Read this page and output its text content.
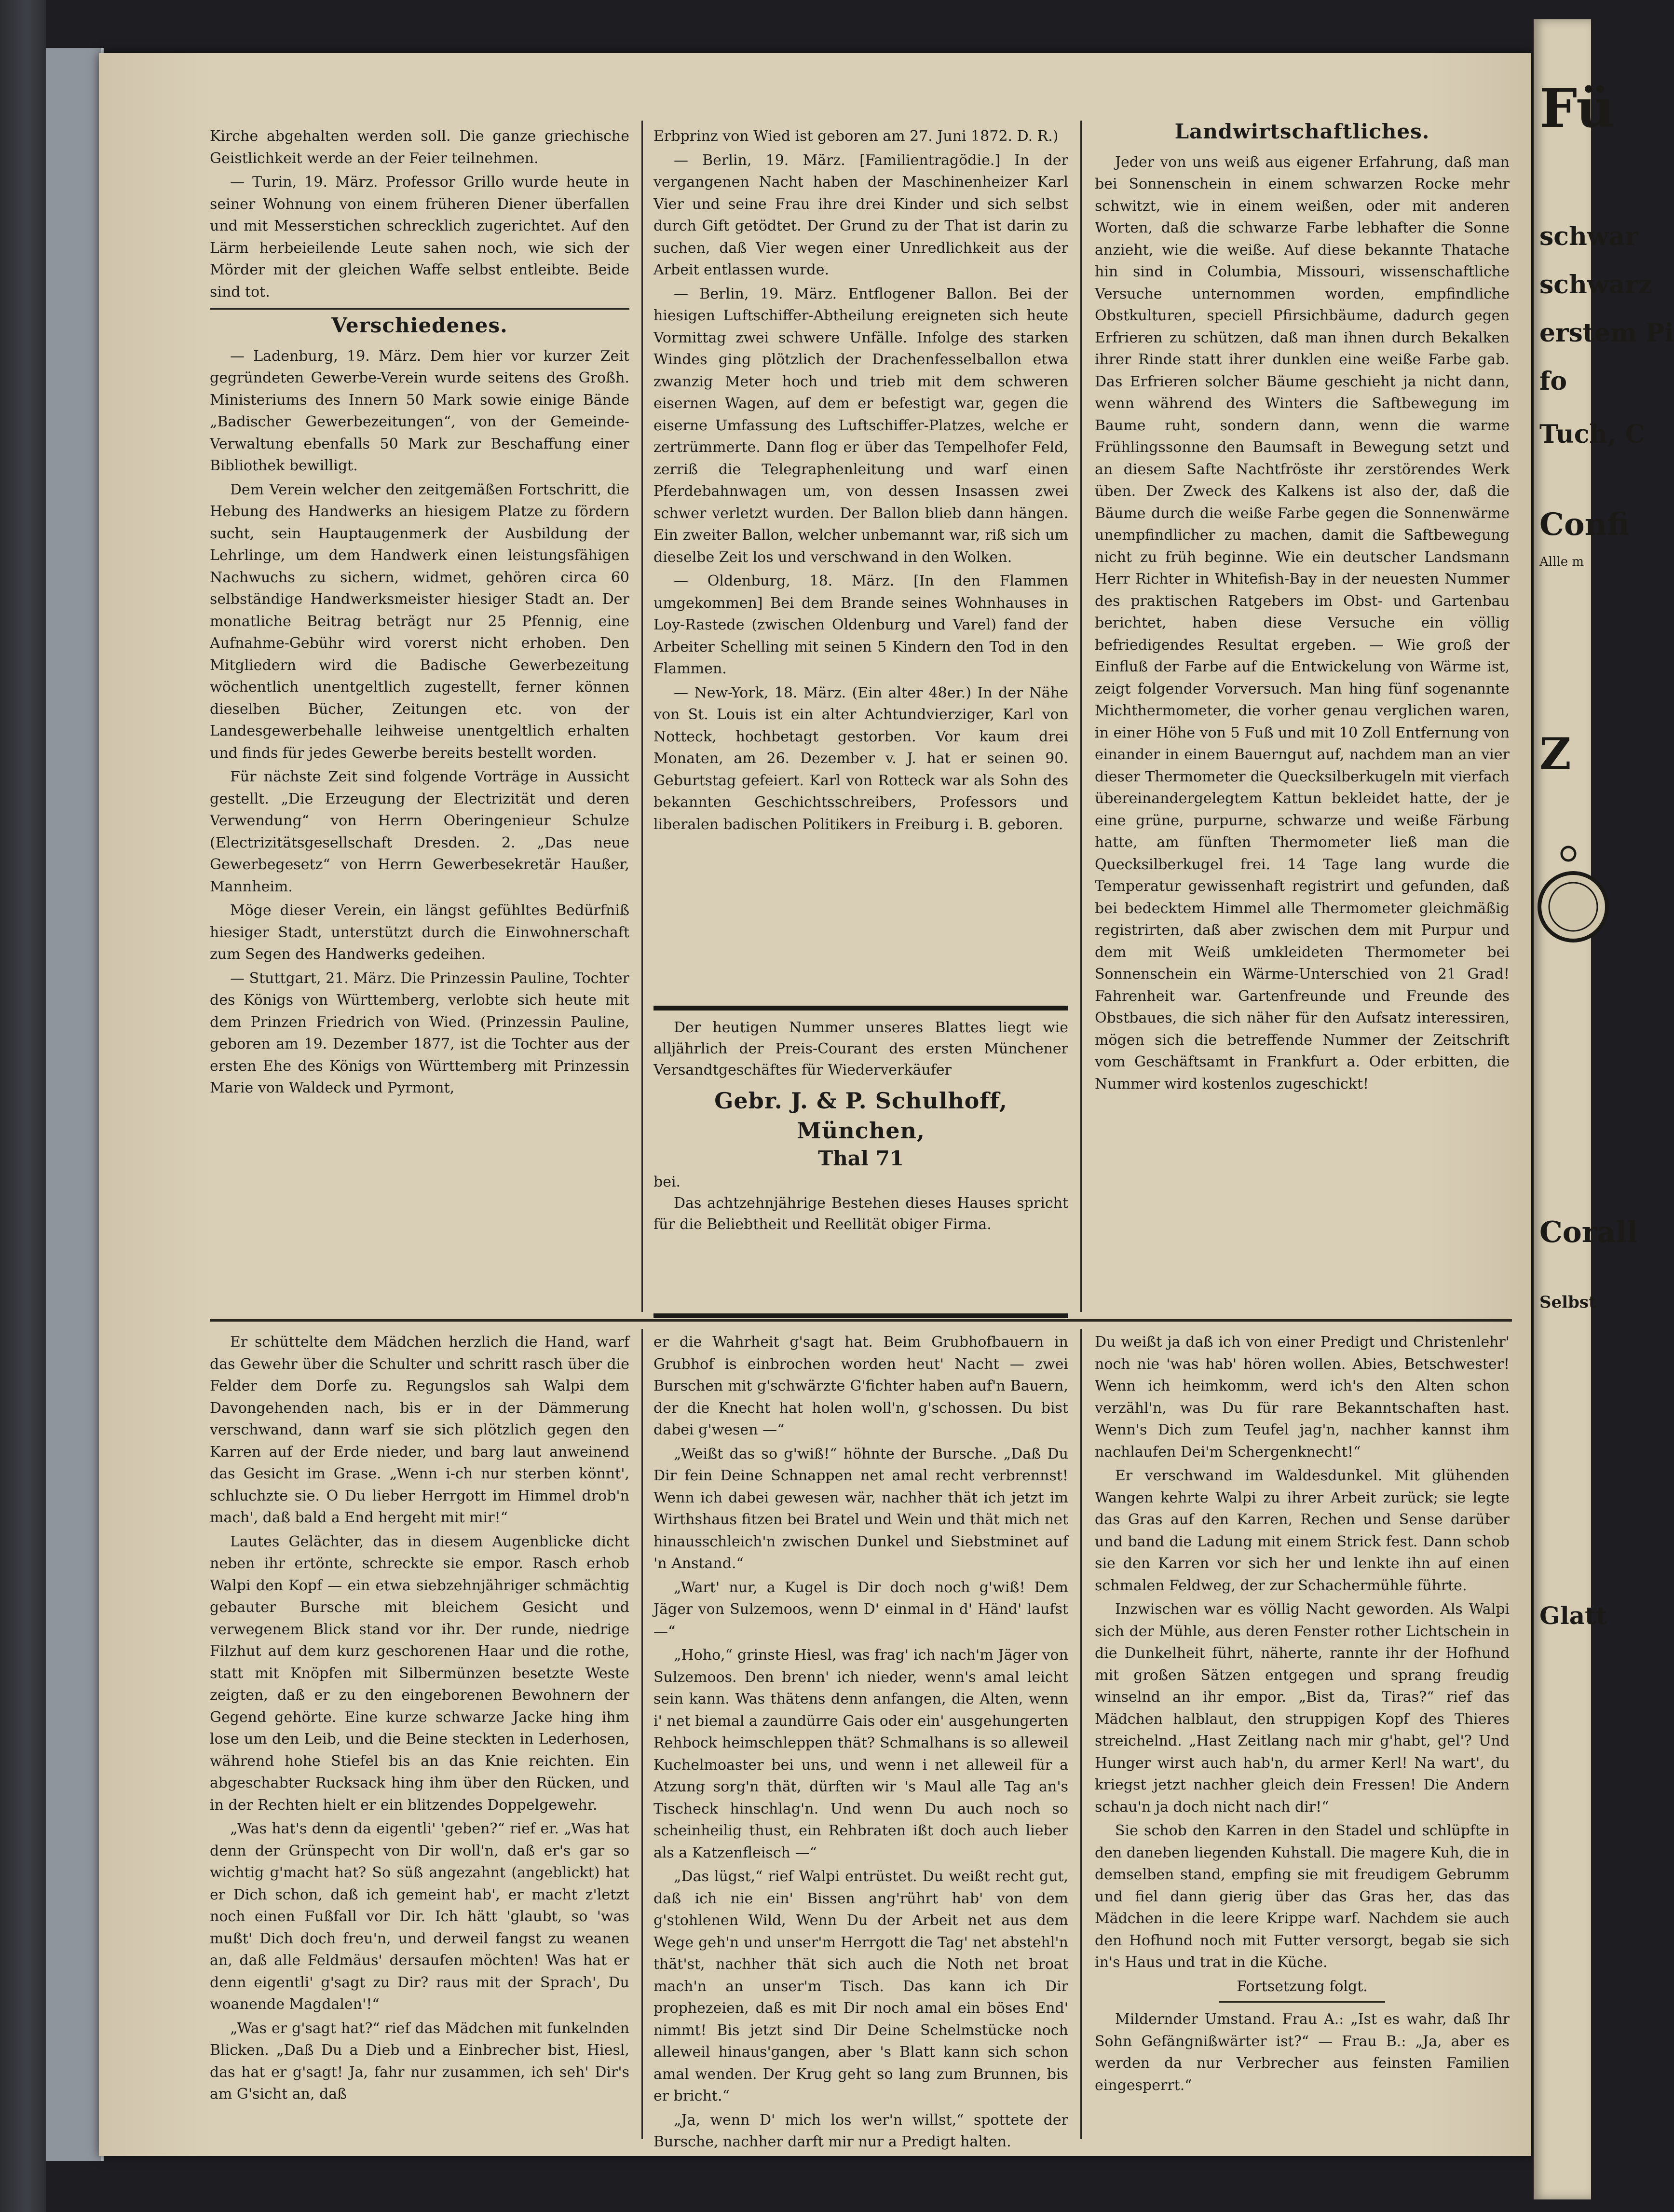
Kirche abgehalten werden soll. Die ganze griechische Geistlichkeit werde an der Feier teilnehmen.

— Turin, 19. März. Professor Grillo wurde heute in seiner Wohnung von einem früheren Diener überfallen und mit Messerstichen schrecklich zugerichtet. Auf den Lärm herbeieilende Leute sahen noch, wie sich der Mörder mit der gleichen Waffe selbst entleibte. Beide sind tot.

Verschiedenes.

— Ladenburg, 19. März. Dem hier vor kurzer Zeit gegründeten Gewerbe-Verein wurde seitens des Großh. Ministeriums des Innern 50 Mark sowie einige Bände „Badischer Gewerbezeitungen“, von der Gemeinde-Verwaltung ebenfalls 50 Mark zur Beschaffung einer Bibliothek bewilligt.

Dem Verein welcher den zeitgemäßen Fortschritt, die Hebung des Handwerks an hiesigem Platze zu fördern sucht, sein Hauptaugenmerk der Ausbildung der Lehrlinge, um dem Handwerk einen leistungsfähigen Nachwuchs zu sichern, widmet, gehören circa 60 selbständige Handwerksmeister hiesiger Stadt an. Der monatliche Beitrag beträgt nur 25 Pfennig, eine Aufnahme-Gebühr wird vorerst nicht erhoben. Den Mitgliedern wird die Badische Gewerbezeitung wöchentlich unentgeltlich zugestellt, ferner können dieselben Bücher, Zeitungen etc. von der Landesgewerbehalle leihweise unentgeltlich erhalten und finds für jedes Gewerbe bereits bestellt worden.

Für nächste Zeit sind folgende Vorträge in Aussicht gestellt. „Die Erzeugung der Electrizität und deren Verwendung“ von Herrn Oberingenieur Schulze (Electrizitätsgesellschaft Dresden. 2. „Das neue Gewerbegesetz“ von Herrn Gewerbesekretär Haußer, Mannheim.

Möge dieser Verein, ein längst gefühltes Bedürfniß hiesiger Stadt, unterstützt durch die Einwohnerschaft zum Segen des Handwerks gedeihen.

— Stuttgart, 21. März. Die Prinzessin Pauline, Tochter des Königs von Württemberg, verlobte sich heute mit dem Prinzen Friedrich von Wied. (Prinzessin Pauline, geboren am 19. Dezember 1877, ist die Tochter aus der ersten Ehe des Königs von Württemberg mit Prinzessin Marie von Waldeck und Pyrmont,

Erbprinz von Wied ist geboren am 27. Juni 1872. D. R.)

— Berlin, 19. März. [Familientragödie.] In der vergangenen Nacht haben der Maschinenheizer Karl Vier und seine Frau ihre drei Kinder und sich selbst durch Gift getödtet. Der Grund zu der That ist darin zu suchen, daß Vier wegen einer Unredlichkeit aus der Arbeit entlassen wurde.

— Berlin, 19. März. Entflogener Ballon. Bei der hiesigen Luftschiffer-Abtheilung ereigneten sich heute Vormittag zwei schwere Unfälle. Infolge des starken Windes ging plötzlich der Drachenfesselballon etwa zwanzig Meter hoch und trieb mit dem schweren eisernen Wagen, auf dem er befestigt war, gegen die eiserne Umfassung des Luftschiffer-Platzes, welche er zertrümmerte. Dann flog er über das Tempelhofer Feld, zerriß die Telegraphenleitung und warf einen Pferdebahnwagen um, von dessen Insassen zwei schwer verletzt wurden. Der Ballon blieb dann hängen. Ein zweiter Ballon, welcher unbemannt war, riß sich um dieselbe Zeit los und verschwand in den Wolken.

— Oldenburg, 18. März. [In den Flammen umgekommen] Bei dem Brande seines Wohnhauses in Loy-Rastede (zwischen Oldenburg und Varel) fand der Arbeiter Schelling mit seinen 5 Kindern den Tod in den Flammen.

— New-York, 18. März. (Ein alter 48er.) In der Nähe von St. Louis ist ein alter Achtundvierziger, Karl von Notteck, hochbetagt gestorben. Vor kaum drei Monaten, am 26. Dezember v. J. hat er seinen 90. Geburtstag gefeiert. Karl von Rotteck war als Sohn des bekannten Geschichtsschreibers, Professors und liberalen badischen Politikers in Freiburg i. B. geboren.

Der heutigen Nummer unseres Blattes liegt wie alljährlich der Preis-Courant des ersten Münchener Versandtgeschäftes für Wiederverkäufer

Gebr. J. & P. Schulhoff, München,
Thal 71

bei.

Das achtzehnjährige Bestehen dieses Hauses spricht für die Beliebtheit und Reellität obiger Firma.

Landwirtschaftliches.

Jeder von uns weiß aus eigener Erfahrung, daß man bei Sonnenschein in einem schwarzen Rocke mehr schwitzt, wie in einem weißen, oder mit anderen Worten, daß die schwarze Farbe lebhafter die Sonne anzieht, wie die weiße. Auf diese bekannte Thatache hin sind in Columbia, Missouri, wissenschaftliche Versuche unternommen worden, empfindliche Obstkulturen, speciell Pfirsichbäume, dadurch gegen Erfrieren zu schützen, daß man ihnen durch Bekalken ihrer Rinde statt ihrer dunklen eine weiße Farbe gab. Das Erfrieren solcher Bäume geschieht ja nicht dann, wenn während des Winters die Saftbewegung im Baume ruht, sondern dann, wenn die warme Frühlingssonne den Baumsaft in Bewegung setzt und an diesem Safte Nachtfröste ihr zerstörendes Werk üben. Der Zweck des Kalkens ist also der, daß die Bäume durch die weiße Farbe gegen die Sonnenwärme unempfindlicher zu machen, damit die Saftbewegung nicht zu früh beginne. Wie ein deutscher Landsmann Herr Richter in Whitefish-Bay in der neuesten Nummer des praktischen Ratgebers im Obst- und Gartenbau berichtet, haben diese Versuche ein völlig befriedigendes Resultat ergeben. — Wie groß der Einfluß der Farbe auf die Entwickelung von Wärme ist, zeigt folgender Vorversuch. Man hing fünf sogenannte Michthermometer, die vorher genau verglichen waren, in einer Höhe von 5 Fuß und mit 10 Zoll Entfernung von einander in einem Bauerngut auf, nachdem man an vier dieser Thermometer die Quecksilberkugeln mit vierfach übereinandergelegtem Kattun bekleidet hatte, der je eine grüne, purpurne, schwarze und weiße Färbung hatte, am fünften Thermometer ließ man die Quecksilberkugel frei. 14 Tage lang wurde die Temperatur gewissenhaft registrirt und gefunden, daß bei bedecktem Himmel alle Thermometer gleichmäßig registrirten, daß aber zwischen dem mit Purpur und dem mit Weiß umkleideten Thermometer bei Sonnenschein ein Wärme-Unterschied von 21 Grad! Fahrenheit war. Gartenfreunde und Freunde des Obstbaues, die sich näher für den Aufsatz interessiren, mögen sich die betreffende Nummer der Zeitschrift vom Geschäftsamt in Frankfurt a. Oder erbitten, die Nummer wird kostenlos zugeschickt!

Er schüttelte dem Mädchen herzlich die Hand, warf das Gewehr über die Schulter und schritt rasch über die Felder dem Dorfe zu. Regungslos sah Walpi dem Davongehenden nach, bis er in der Dämmerung verschwand, dann warf sie sich plötzlich gegen den Karren auf der Erde nieder, und barg laut anweinend das Gesicht im Grase. „Wenn i-ch nur sterben könnt', schluchzte sie. O Du lieber Herrgott im Himmel drob'n mach', daß bald a End hergeht mit mir!“

Lautes Gelächter, das in diesem Augenblicke dicht neben ihr ertönte, schreckte sie empor. Rasch erhob Walpi den Kopf — ein etwa siebzehnjähriger schmächtig gebauter Bursche mit bleichem Gesicht und verwegenem Blick stand vor ihr. Der runde, niedrige Filzhut auf dem kurz geschorenen Haar und die rothe, statt mit Knöpfen mit Silbermünzen besetzte Weste zeigten, daß er zu den eingeborenen Bewohnern der Gegend gehörte. Eine kurze schwarze Jacke hing ihm lose um den Leib, und die Beine steckten in Lederhosen, während hohe Stiefel bis an das Knie reichten. Ein abgeschabter Rucksack hing ihm über den Rücken, und in der Rechten hielt er ein blitzendes Doppelgewehr.

„Was hat's denn da eigentli' 'geben?“ rief er. „Was hat denn der Grünspecht von Dir woll'n, daß er's gar so wichtig g'macht hat? So süß angezahnt (angeblickt) hat er Dich schon, daß ich gemeint hab', er macht z'letzt noch einen Fußfall vor Dir. Ich hätt 'glaubt, so 'was mußt' Dich doch freu'n, und derweil fangst zu weanen an, daß alle Feldmäus' dersaufen möchten! Was hat er denn eigentli' g'sagt zu Dir? raus mit der Sprach', Du woanende Magdalen'!“

„Was er g'sagt hat?“ rief das Mädchen mit funkelnden Blicken. „Daß Du a Dieb und a Einbrecher bist, Hiesl, das hat er g'sagt! Ja, fahr nur zusammen, ich seh' Dir's am G'sicht an, daß

er die Wahrheit g'sagt hat. Beim Grubhofbauern in Grubhof is einbrochen worden heut' Nacht — zwei Burschen mit g'schwärzte G'fichter haben auf'n Bauern, der die Knecht hat holen woll'n, g'schossen. Du bist dabei g'wesen —“

„Weißt das so g'wiß!“ höhnte der Bursche. „Daß Du Dir fein Deine Schnappen net amal recht verbrennst! Wenn ich dabei gewesen wär, nachher thät ich jetzt im Wirthshaus fitzen bei Bratel und Wein und thät mich net hinausschleich'n zwischen Dunkel und Siebstminet auf 'n Anstand.“

„Wart' nur, a Kugel is Dir doch noch g'wiß! Dem Jäger von Sulzemoos, wenn D' einmal in d' Händ' laufst —“

„Hoho,“ grinste Hiesl, was frag' ich nach'm Jäger von Sulzemoos. Den brenn' ich nieder, wenn's amal leicht sein kann. Was thätens denn anfangen, die Alten, wenn i' net biemal a zaundürre Gais oder ein' ausgehungerten Rehbock heimschleppen thät? Schmalhans is so alleweil Kuchelmoaster bei uns, und wenn i net alleweil für a Atzung sorg'n thät, dürften wir 's Maul alle Tag an's Tischeck hinschlag'n. Und wenn Du auch noch so scheinheilig thust, ein Rehbraten ißt doch auch lieber als a Katzenfleisch —“

„Das lügst,“ rief Walpi entrüstet. Du weißt recht gut, daß ich nie ein' Bissen ang'rührt hab' von dem g'stohlenen Wild, Wenn Du der Arbeit net aus dem Wege geh'n und unser'm Herrgott die Tag' net abstehl'n thät'st, nachher thät sich auch die Noth net broat mach'n an unser'm Tisch. Das kann ich Dir prophezeien, daß es mit Dir noch amal ein böses End' nimmt! Bis jetzt sind Dir Deine Schelmstücke noch alleweil hinaus'gangen, aber 's Blatt kann sich schon amal wenden. Der Krug geht so lang zum Brunnen, bis er bricht.“

„Ja, wenn D' mich los wer'n willst,“ spottete der Bursche, nachher darft mir nur a Predigt halten.

Du weißt ja daß ich von einer Predigt und Christenlehr' noch nie 'was hab' hören wollen. Abies, Betschwester! Wenn ich heimkomm, werd ich's den Alten schon verzähl'n, was Du für rare Bekanntschaften hast. Wenn's Dich zum Teufel jag'n, nachher kannst ihm nachlaufen Dei'm Schergenknecht!“

Er verschwand im Waldesdunkel. Mit glühenden Wangen kehrte Walpi zu ihrer Arbeit zurück; sie legte das Gras auf den Karren, Rechen und Sense darüber und band die Ladung mit einem Strick fest. Dann schob sie den Karren vor sich her und lenkte ihn auf einen schmalen Feldweg, der zur Schachermühle führte.

Inzwischen war es völlig Nacht geworden. Als Walpi sich der Mühle, aus deren Fenster rother Lichtschein in die Dunkelheit führt, näherte, rannte ihr der Hofhund mit großen Sätzen entgegen und sprang freudig winselnd an ihr empor. „Bist da, Tiras?“ rief das Mädchen halblaut, den struppigen Kopf des Thieres streichelnd. „Hast Zeitlang nach mir g'habt, gel'? Und Hunger wirst auch hab'n, du armer Kerl! Na wart', du kriegst jetzt nachher gleich dein Fressen! Die Andern schau'n ja doch nicht nach dir!“

Sie schob den Karren in den Stadel und schlüpfte in den daneben liegenden Kuhstall. Die magere Kuh, die in demselben stand, empfing sie mit freudigem Gebrumm und fiel dann gierig über das Gras her, das das Mädchen in die leere Krippe warf. Nachdem sie auch den Hofhund noch mit Futter versorgt, begab sie sich in's Haus und trat in die Küche.

Fortsetzung folgt.

Mildernder Umstand. Frau A.: „Ist es wahr, daß Ihr Sohn Gefängnißwärter ist?“ — Frau B.: „Ja, aber es werden da nur Verbrecher aus feinsten Familien eingesperrt.“

Fü
schwar
schwarz
erstem Pi
fo
Tuch, C
Confi
Allle m
Z
Corall
Selbst
Glatt
